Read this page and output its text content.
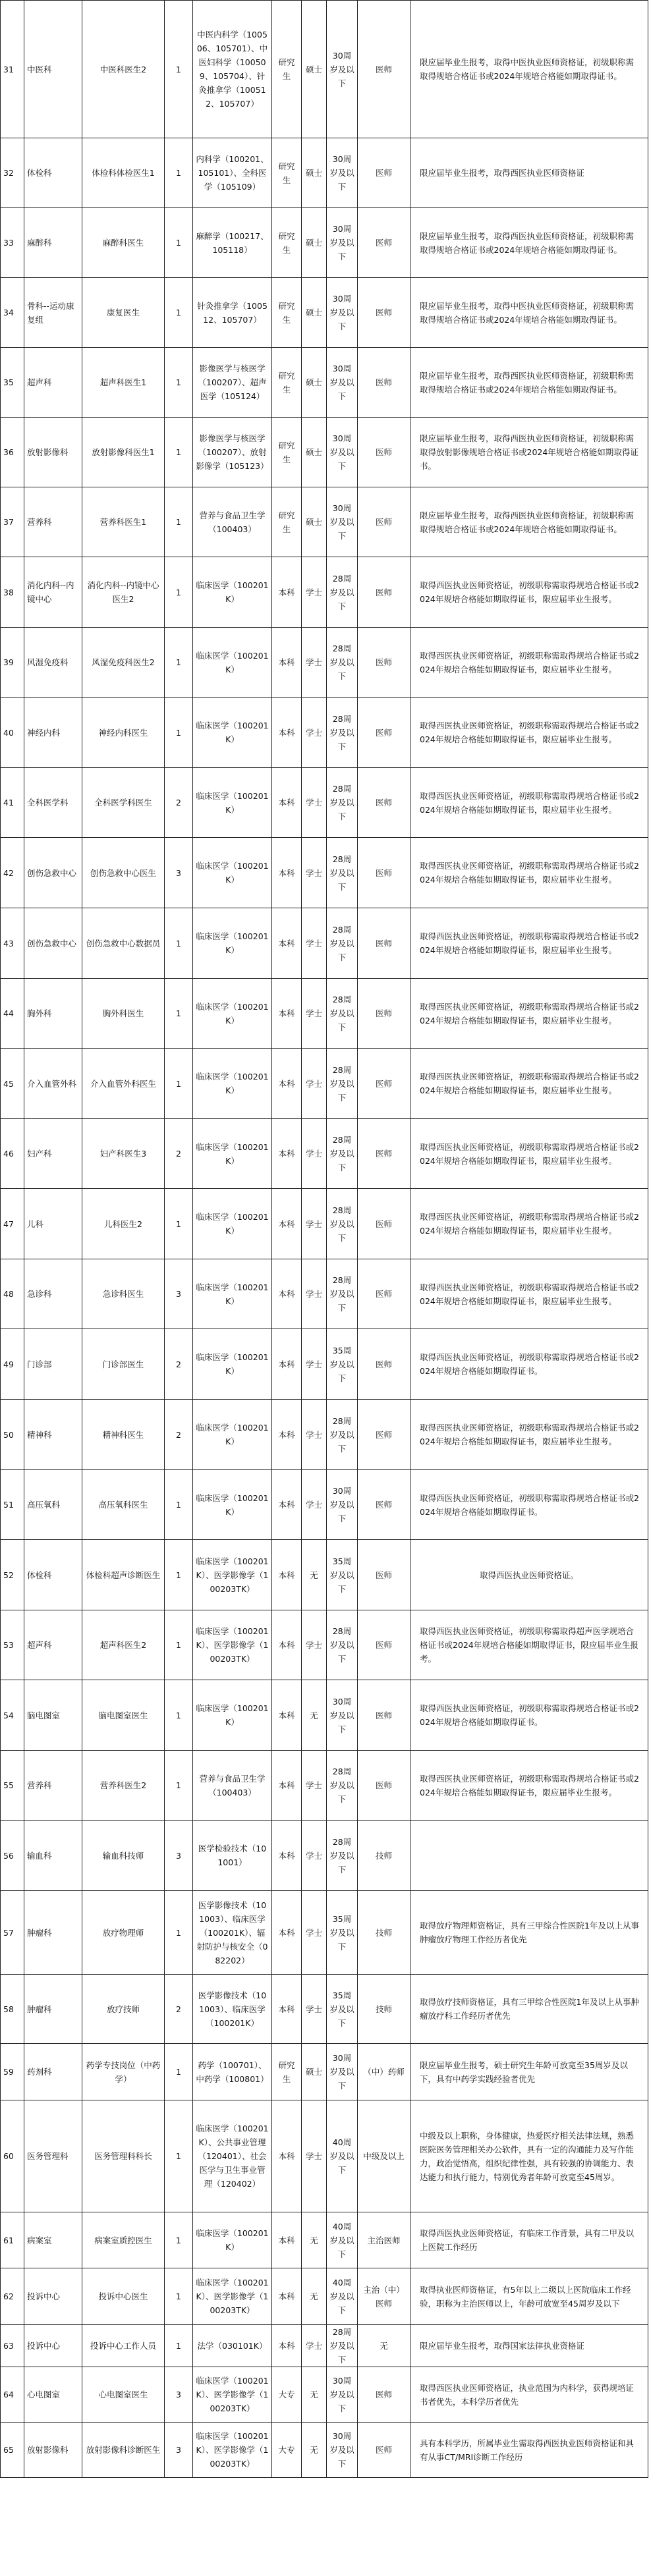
31	中医科	中医科医生2	1	中医内科学（100506、105701）、中医妇科学（100509、105704）、针灸推拿学（100512、105707）	研究生	硕士	30周岁及以下	医师	限应届毕业生报考，取得中医执业医师资格证，初级职称需取得规培合格证书或2024年规培合格能如期取得证书。
32	体检科	体检科体检医生1	1	内科学（100201、105101）、全科医学（105109）	研究生	硕士	30周岁及以下	医师	限应届毕业生报考，取得西医执业医师资格证
33	麻醉科	麻醉科医生	1	麻醉学（100217、105118）	研究生	硕士	30周岁及以下	医师	限应届毕业生报考，取得西医执业医师资格证，初级职称需取得规培合格证书或2024年规培合格能如期取得证书。
34	骨科--运动康复组	康复医生	1	针灸推拿学（100512、105707）	研究生	硕士	30周岁及以下	医师	限应届毕业生报考，取得中医执业医师资格证，初级职称需取得规培合格证书或2024年规培合格能如期取得证书。
35	超声科	超声科医生1	1	影像医学与核医学（100207）、超声医学（105124）	研究生	硕士	30周岁及以下	医师	限应届毕业生报考，取得西医执业医师资格证，初级职称需取得规培合格证书或2024年规培合格能如期取得证书。
36	放射影像科	放射影像科医生1	1	影像医学与核医学（100207）、放射影像学（105123）	研究生	硕士	30周岁及以下	医师	限应届毕业生报考，取得西医执业医师资格证，初级职称需取得放射影像规培合格证书或2024年规培合格能如期取得证书。
37	营养科	营养科医生1	1	营养与食品卫生学（100403）	研究生	硕士	30周岁及以下	医师	限应届毕业生报考，取得西医执业医师资格证，初级职称需取得规培合格证书或2024年规培合格能如期取得证书。
38	消化内科--内镜中心	消化内科--内镜中心医生2	1	临床医学（100201K）	本科	学士	28周岁及以下	医师	取得西医执业医师资格证，初级职称需取得规培合格证书或2024年规培合格能如期取得证书，限应届毕业生报考。
39	风湿免疫科	风湿免疫科医生2	1	临床医学（100201K）	本科	学士	28周岁及以下	医师	取得西医执业医师资格证，初级职称需取得规培合格证书或2024年规培合格能如期取得证书，限应届毕业生报考。
40	神经内科	神经内科医生	1	临床医学（100201K）	本科	学士	28周岁及以下	医师	取得西医执业医师资格证，初级职称需取得规培合格证书或2024年规培合格能如期取得证书，限应届毕业生报考。
41	全科医学科	全科医学科医生	2	临床医学（100201K）	本科	学士	28周岁及以下	医师	取得西医执业医师资格证，初级职称需取得规培合格证书或2024年规培合格能如期取得证书，限应届毕业生报考。
42	创伤急救中心	创伤急救中心医生	3	临床医学（100201K）	本科	学士	28周岁及以下	医师	取得西医执业医师资格证，初级职称需取得规培合格证书或2024年规培合格能如期取得证书，限应届毕业生报考。
43	创伤急救中心	创伤急救中心数据员	1	临床医学（100201K）	本科	学士	28周岁及以下	医师	取得西医执业医师资格证，初级职称需取得规培合格证书或2024年规培合格能如期取得证书，限应届毕业生报考。
44	胸外科	胸外科医生	1	临床医学（100201K）	本科	学士	28周岁及以下	医师	取得西医执业医师资格证，初级职称需取得规培合格证书或2024年规培合格能如期取得证书，限应届毕业生报考。
45	介入血管外科	介入血管外科医生	1	临床医学（100201K）	本科	学士	28周岁及以下	医师	取得西医执业医师资格证，初级职称需取得规培合格证书或2024年规培合格能如期取得证书，限应届毕业生报考。
46	妇产科	妇产科医生3	2	临床医学（100201K）	本科	学士	28周岁及以下	医师	取得西医执业医师资格证，初级职称需取得规培合格证书或2024年规培合格能如期取得证书，限应届毕业生报考。
47	儿科	儿科医生2	1	临床医学（100201K）	本科	学士	28周岁及以下	医师	取得西医执业医师资格证，初级职称需取得规培合格证书或2024年规培合格能如期取得证书，限应届毕业生报考。
48	急诊科	急诊科医生	3	临床医学（100201K）	本科	学士	28周岁及以下	医师	取得西医执业医师资格证，初级职称需取得规培合格证书或2024年规培合格能如期取得证书，限应届毕业生报考。
49	门诊部	门诊部医生	2	临床医学（100201K）	本科	学士	35周岁及以下	医师	取得西医执业医师资格证，初级职称需取得规培合格证书或2024年规培合格能如期取得证书。
50	精神科	精神科医生	2	临床医学（100201K）	本科	学士	28周岁及以下	医师	取得西医执业医师资格证，初级职称需取得规培合格证书或2024年规培合格能如期取得证书，限应届毕业生报考。
51	高压氧科	高压氧科医生	1	临床医学（100201K）	本科	学士	30周岁及以下	医师	取得西医执业医师资格证，初级职称需取得规培合格证书或2024年规培合格能如期取得证书。
52	体检科	体检科超声诊断医生	1	临床医学（100201K）、医学影像学（100203TK）	本科	无	35周岁及以下	医师	取得西医执业医师资格证。
53	超声科	超声科医生2	1	临床医学（100201K）、医学影像学（100203TK）	本科	学士	28周岁及以下	医师	取得西医执业医师资格证，初级职称需取得超声医学规培合格证书或2024年规培合格能如期取得证书，限应届毕业生报考。
54	脑电图室	脑电图室医生	1	临床医学（100201K）	本科	无	30周岁及以下	医师	取得西医执业医师资格证，初级职称需取得规培合格证书或2024年规培合格能如期取得证书。
55	营养科	营养科医生2	1	营养与食品卫生学（100403）	本科	学士	28周岁及以下	医师	取得西医执业医师资格证，初级职称需取得规培合格证书或2024年规培合格能如期取得证书，限应届毕业生报考。
56	输血科	输血科技师	3	医学检验技术（101001）	本科	学士	28周岁及以下	技师	
57	肿瘤科	放疗物理师	1	医学影像技术（101003）、临床医学（100201K）、辐射防护与核安全（082202）	本科	学士	35周岁及以下	技师	取得放疗物理师资格证，具有三甲综合性医院1年及以上从事肿瘤放疗物理工作经历者优先
58	肿瘤科	放疗技师	2	医学影像技术（101003）、临床医学（100201K）	本科	学士	35周岁及以下	技师	取得放疗技师资格证，具有三甲综合性医院1年及以上从事肿瘤放疗科工作经历者优先
59	药剂科	药学专技岗位（中药学）	1	药学（100701）、中药学（100801）	研究生	硕士	30周岁及以下	（中）药师	限应届毕业生报考，硕士研究生年龄可放宽至35周岁及以下，具有中药学实践经验者优先
60	医务管理科	医务管理科科长	1	临床医学（100201K）、公共事业管理（120401）、社会医学与卫生事业管理（120402）	本科	学士	40周岁及以下	中级及以上	中级及以上职称，身体健康，热爱医疗相关法律法规，熟悉医院医务管理相关办公软件，具有一定的沟通能力及写作能力，政治觉悟高，组织纪律性强，具有较强的协调能力、表达能力和执行能力，特别优秀者年龄可放宽至45周岁。
61	病案室	病案室质控医生	1	临床医学（100201K）	本科	无	40周岁及以下	主治医师	取得西医执业医师资格证，有临床工作背景，具有二甲及以上医院工作经历
62	投诉中心	投诉中心医生	1	临床医学（100201K）、医学影像学（100203TK）	本科	无	40周岁及以下	主治（中）医师	取得执业医师资格证，有5年以上二级以上医院临床工作经验，职称为主治医师以上，年龄可放宽至45周岁及以下
63	投诉中心	投诉中心工作人员	1	法学（030101K）	本科	学士	28周岁及以下	无	限应届毕业生报考，取得国家法律执业资格证
64	心电图室	心电图室医生	3	临床医学（100201K）、医学影像学（100203TK）	大专	无	30周岁及以下	医师	取得西医执业医师资格证，执业范围为内科学，获得规培证书者优先，本科学历者优先
65	放射影像科	放射影像科诊断医生	3	临床医学（100201K）、医学影像学（100203TK）	大专	无	30周岁及以下	医师	具有本科学历，所属毕业生需取得西医执业医师资格证和具有从事CT/MRI诊断工作经历
